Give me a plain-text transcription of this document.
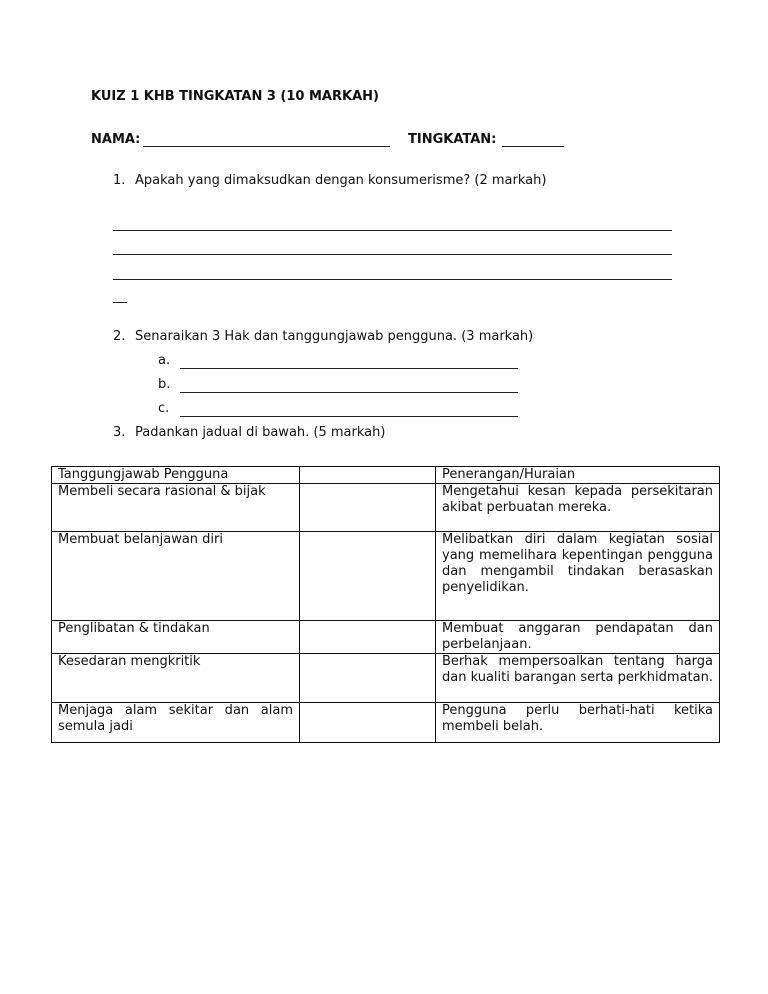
KUIZ 1 KHB TINGKATAN 3 (10 MARKAH)
NAMA:	TINGKATAN:
1. Apakah yang dimaksudkan dengan konsumerisme? (2 markah)
2. Senaraikan 3 Hak dan tanggungjawab pengguna. (3 markah)
a.
b.
c.
3. Padankan jadual di bawah. (5 markah)
Tanggungjawab Pengguna		Penerangan/Huraian
Membeli secara rasional & bijak		Mengetahui kesan kepada persekitaran akibat perbuatan mereka.
Membuat belanjawan diri		Melibatkan diri dalam kegiatan sosial yang memelihara kepentingan pengguna dan mengambil tindakan berasaskan penyelidikan.
Penglibatan & tindakan		Membuat anggaran pendapatan dan perbelanjaan.
Kesedaran mengkritik		Berhak mempersoalkan tentang harga dan kualiti barangan serta perkhidmatan.
Menjaga alam sekitar dan alam semula jadi		Pengguna perlu berhati-hati ketika membeli belah.
